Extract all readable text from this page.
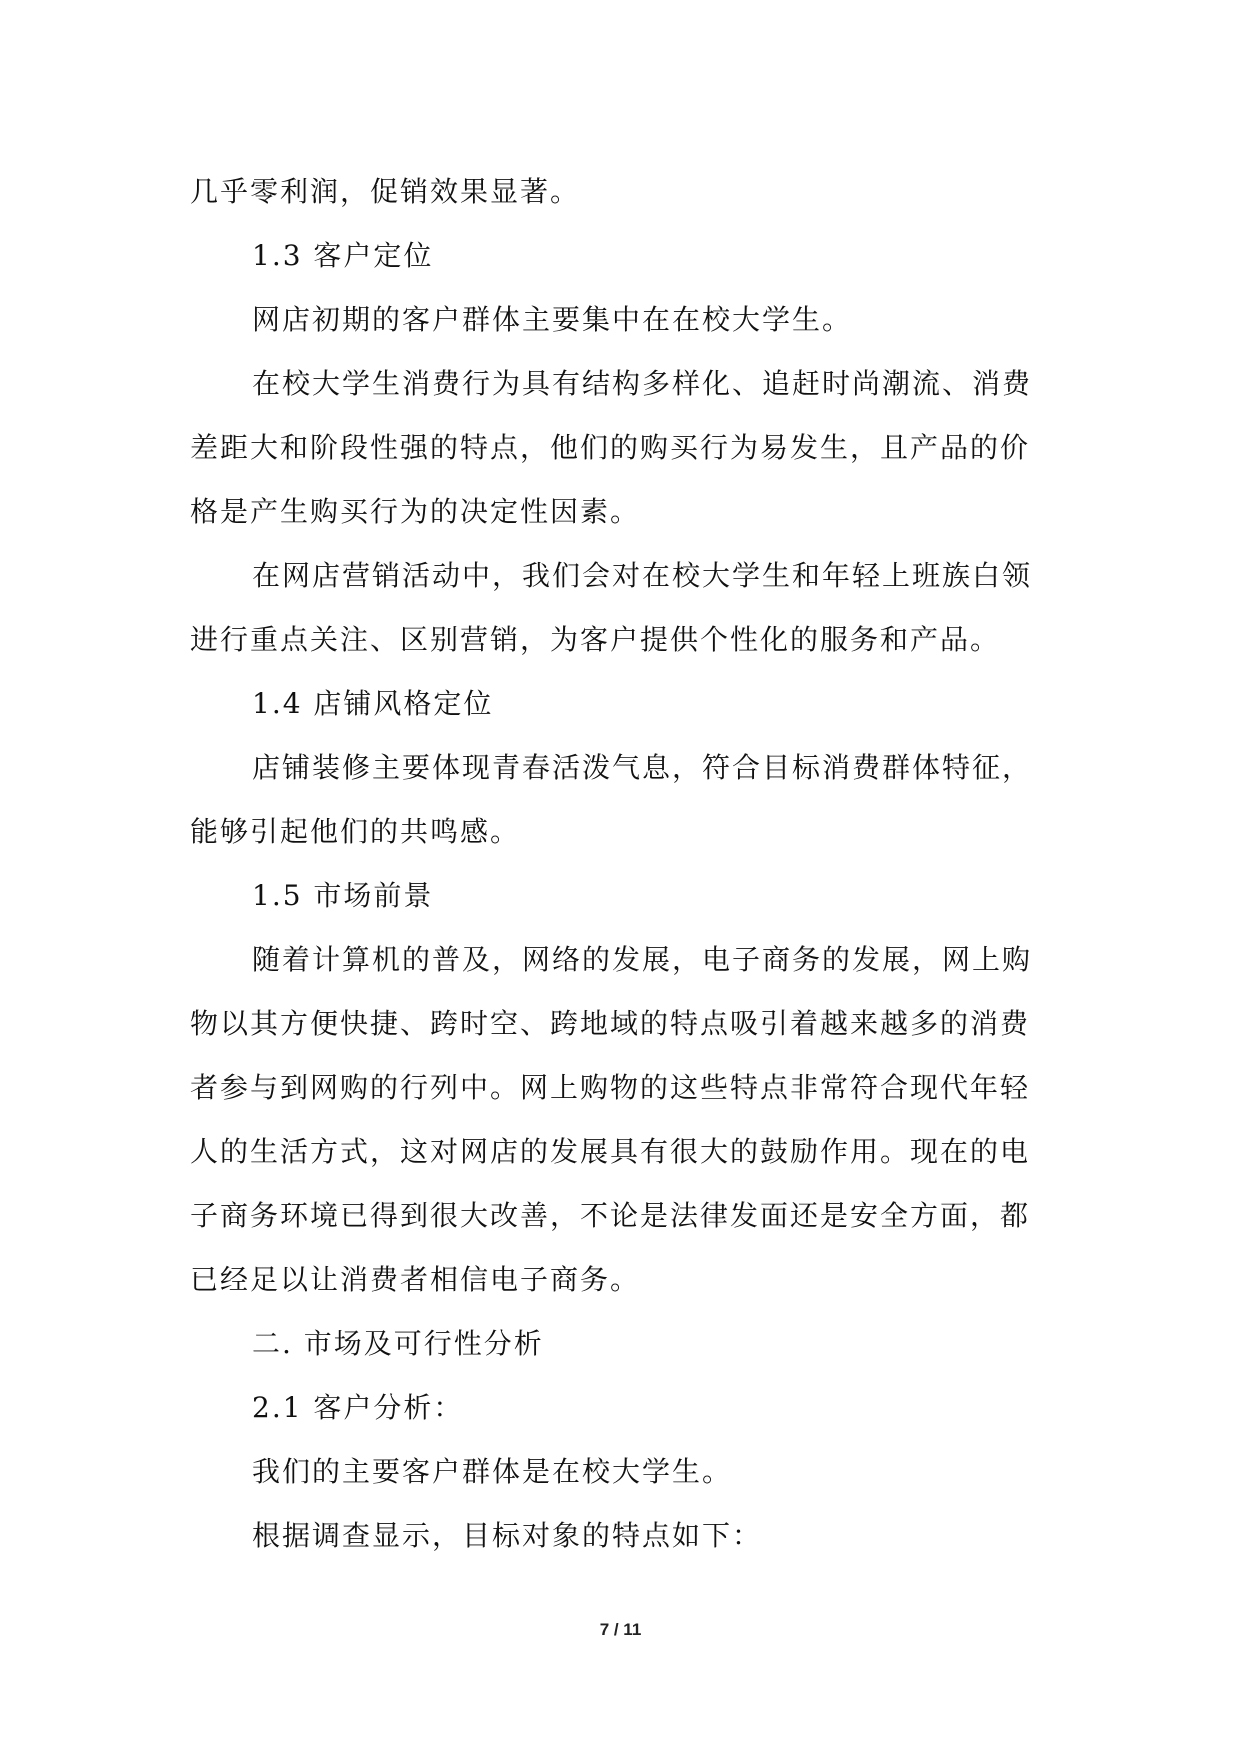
几乎零利润，促销效果显著。
1.3 客户定位
网店初期的客户群体主要集中在在校大学生。
在校大学生消费行为具有结构多样化、追赶时尚潮流、消费
差距大和阶段性强的特点，他们的购买行为易发生，且产品的价
格是产生购买行为的决定性因素。
在网店营销活动中，我们会对在校大学生和年轻上班族白领
进行重点关注、区别营销，为客户提供个性化的服务和产品。
1.4 店铺风格定位
店铺装修主要体现青春活泼气息，符合目标消费群体特征，
能够引起他们的共鸣感。
1.5 市场前景
随着计算机的普及，网络的发展，电子商务的发展，网上购
物以其方便快捷、跨时空、跨地域的特点吸引着越来越多的消费
者参与到网购的行列中。网上购物的这些特点非常符合现代年轻
人的生活方式，这对网店的发展具有很大的鼓励作用。现在的电
子商务环境已得到很大改善，不论是法律发面还是安全方面，都
已经足以让消费者相信电子商务。
二. 市场及可行性分析
2.1 客户分析：
我们的主要客户群体是在校大学生。
根据调查显示，目标对象的特点如下：
7 / 11
